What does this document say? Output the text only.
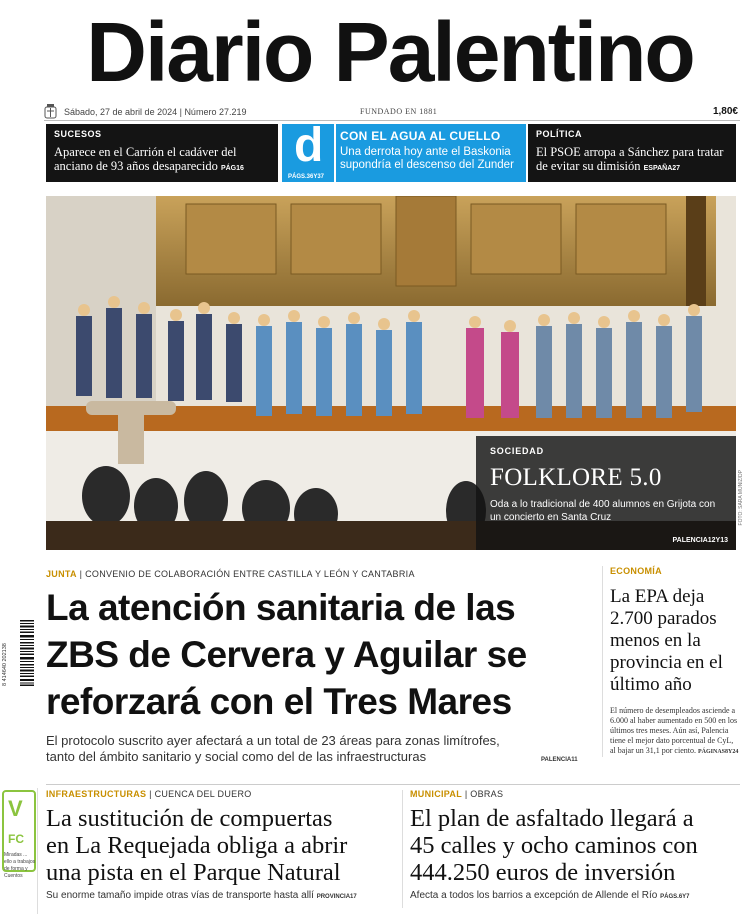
Diario Palentino
Sábado, 27 de abril de 2024 | Número 27.219	FUNDADO EN 1881	1,80€
SUCESOS
Aparece en el Carrión el cadáver del anciano de 93 años desaparecido PÁG16	d
PÁGS.36Y37
CON EL AGUA AL CUELLO
Una derrota hoy ante el Baskonia supondría el descenso del Zunder
POLÍTICA
El PSOE arropa a Sánchez para tratar de evitar su dimisión ESPAÑA27
SOCIEDAD
FOLKLORE 5.0
Oda a lo tradicional de 400 alumnos en Grijota con un concierto en Santa Cruz
PALENCIA12Y13
FOTO: SARA MUNIZ/DP
JUNTA | CONVENIO DE COLABORACIÓN ENTRE CASTILLA Y LEÓN Y CANTABRIA
La atención sanitaria de las
ZBS de Cervera y Aguilar se
reforzará con el Tres Mares
El protocolo suscrito ayer afectará a un total de 23 áreas para zonas limítrofes,
tanto del ámbito sanitario y social como del de las infraestructuras	PALENCIA11
8 414640 202138
ECONOMÍA
La EPA deja 2.700 parados menos en la provincia en el último año
El número de desempleados asciende a 6.000 al haber aumentado en 500 en los últimos tres meses. Aún así, Palencia tiene el mejor dato porcentual de CyL, al bajar un 31,1 por ciento. PÁGINAS8Y24
V
FC
Miradas ... ello a trabajos de forma y Cuentos
INFRAESTRUCTURAS | CUENCA DEL DUERO
La sustitución de compuertas
en La Requejada obliga a abrir
una pista en el Parque Natural
Su enorme tamaño impide otras vías de transporte hasta allí PROVINCIA17
MUNICIPAL | OBRAS
El plan de asfaltado llegará a
45 calles y ocho caminos con
444.250 euros de inversión
Afecta a todos los barrios a excepción de Allende el Río PÁGS.6Y7
